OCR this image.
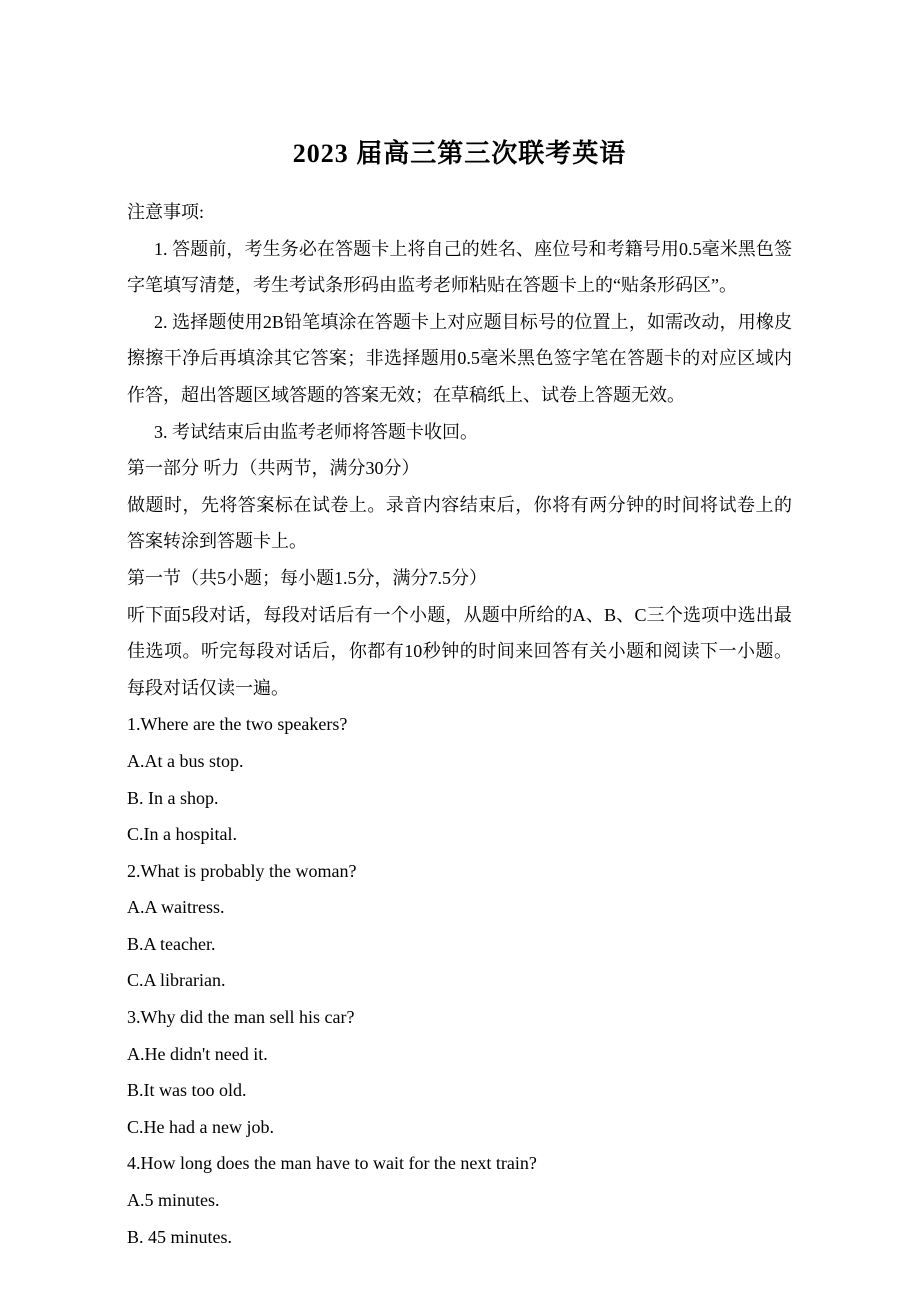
2023 届高三第三次联考英语

注意事项:

1. 答题前，考生务必在答题卡上将自己的姓名、座位号和考籍号用0.5毫米黑色签字笔填写清楚，考生考试条形码由监考老师粘贴在答题卡上的“贴条形码区”。

2. 选择题使用2B铅笔填涂在答题卡上对应题目标号的位置上，如需改动，用橡皮擦擦干净后再填涂其它答案；非选择题用0.5毫米黑色签字笔在答题卡的对应区域内作答，超出答题区域答题的答案无效；在草稿纸上、试卷上答题无效。

3. 考试结束后由监考老师将答题卡收回。

第一部分 听力（共两节，满分30分）

做题时，先将答案标在试卷上。录音内容结束后，你将有两分钟的时间将试卷上的答案转涂到答题卡上。

第一节（共5小题；每小题1.5分，满分7.5分）

听下面5段对话，每段对话后有一个小题，从题中所给的A、B、C三个选项中选出最佳选项。听完每段对话后，你都有10秒钟的时间来回答有关小题和阅读下一小题。每段对话仅读一遍。

1.Where are the two speakers?

A.At a bus stop.

B. In a shop.

C.In a hospital.

2.What is probably the woman?

A.A waitress.

B.A teacher.

C.A librarian.

3.Why did the man sell his car?

A.He didn't need it.

B.It was too old.

C.He had a new job.

4.How long does the man have to wait for the next train?

A.5 minutes.

B. 45 minutes.
